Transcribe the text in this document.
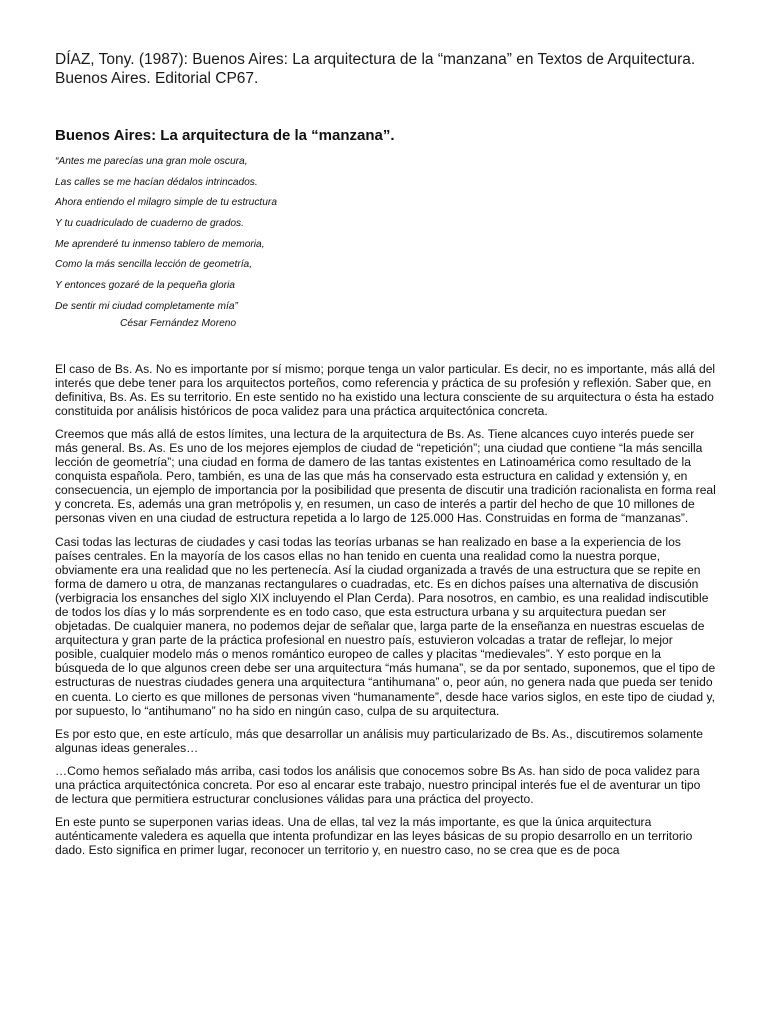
DÍAZ, Tony. (1987): Buenos Aires: La arquitectura de la “manzana” en Textos de Arquitectura.
Buenos Aires. Editorial CP67.
Buenos Aires: La arquitectura de la “manzana”.
“Antes me parecías una gran mole oscura,
Las calles se me hacían dédalos intrincados.
Ahora entiendo el milagro simple de tu estructura
Y tu cuadriculado de cuaderno de grados.
Me aprenderé tu inmenso tablero de memoria,
Como la más sencilla lección de geometría,
Y entonces gozaré de la pequeña gloria
De sentir mi ciudad completamente mía”
César Fernández Moreno

El caso de Bs. As. No es importante por sí mismo; porque tenga un valor particular. Es decir, no es importante, más allá del interés que debe tener para los arquitectos porteños, como referencia y práctica de su profesión y reflexión. Saber que, en definitiva, Bs. As. Es su territorio. En este sentido no ha existido una lectura consciente de su arquitectura o ésta ha estado constituida por análisis históricos de poca validez para una práctica arquitectónica concreta.

Creemos que más allá de estos límites, una lectura de la arquitectura de Bs. As. Tiene alcances cuyo interés puede ser más general. Bs. As. Es uno de los mejores ejemplos de ciudad de “repetición”; una ciudad que contiene “la más sencilla lección de geometría”; una ciudad en forma de damero de las tantas existentes en Latinoamérica como resultado de la conquista española. Pero, también, es una de las que más ha conservado esta estructura en calidad y extensión y, en consecuencia, un ejemplo de importancia por la posibilidad que presenta de discutir una tradición racionalista en forma real y concreta. Es, además una gran metrópolis y, en resumen, un caso de interés a partir del hecho de que 10 millones de personas viven en una ciudad de estructura repetida a lo largo de 125.000 Has. Construidas en forma de “manzanas”.

Casi todas las lecturas de ciudades y casi todas las teorías urbanas se han realizado en base a la experiencia de los países centrales. En la mayoría de los casos ellas no han tenido en cuenta una realidad como la nuestra porque, obviamente era una realidad que no les pertenecía. Así la ciudad organizada a través de una estructura que se repite en forma de damero u otra, de manzanas rectangulares o cuadradas, etc. Es en dichos países una alternativa de discusión (verbigracia los ensanches del siglo XIX incluyendo el Plan Cerda). Para nosotros, en cambio, es una realidad indiscutible de todos los días y lo más sorprendente es en todo caso, que esta estructura urbana y su arquitectura puedan ser objetadas. De cualquier manera, no podemos dejar de señalar que, larga parte de la enseñanza en nuestras escuelas de arquitectura y gran parte de la práctica profesional en nuestro país, estuvieron volcadas a tratar de reflejar, lo mejor posible, cualquier modelo más o menos romántico europeo de calles y placitas “medievales”. Y esto porque en la búsqueda de lo que algunos creen debe ser una arquitectura “más humana”, se da por sentado, suponemos, que el tipo de estructuras de nuestras ciudades genera una arquitectura “antihumana” o, peor aún, no genera nada que pueda ser tenido en cuenta. Lo cierto es que millones de personas viven “humanamente”, desde hace varios siglos, en este tipo de ciudad y, por supuesto, lo “antihumano” no ha sido en ningún caso, culpa de su arquitectura.

Es por esto que, en este artículo, más que desarrollar un análisis muy particularizado de Bs. As., discutiremos solamente algunas ideas generales…

…Como hemos señalado más arriba, casi todos los análisis que conocemos sobre Bs As. han sido de poca validez para una práctica arquitectónica concreta. Por eso al encarar este trabajo, nuestro principal interés fue el de aventurar un tipo de lectura que permitiera estructurar conclusiones válidas para una práctica del proyecto.

En este punto se superponen varias ideas. Una de ellas, tal vez la más importante, es que la única arquitectura auténticamente valedera es aquella que intenta profundizar en las leyes básicas de su propio desarrollo en un territorio dado. Esto significa en primer lugar, reconocer un territorio y, en nuestro caso, no se crea que es de poca
